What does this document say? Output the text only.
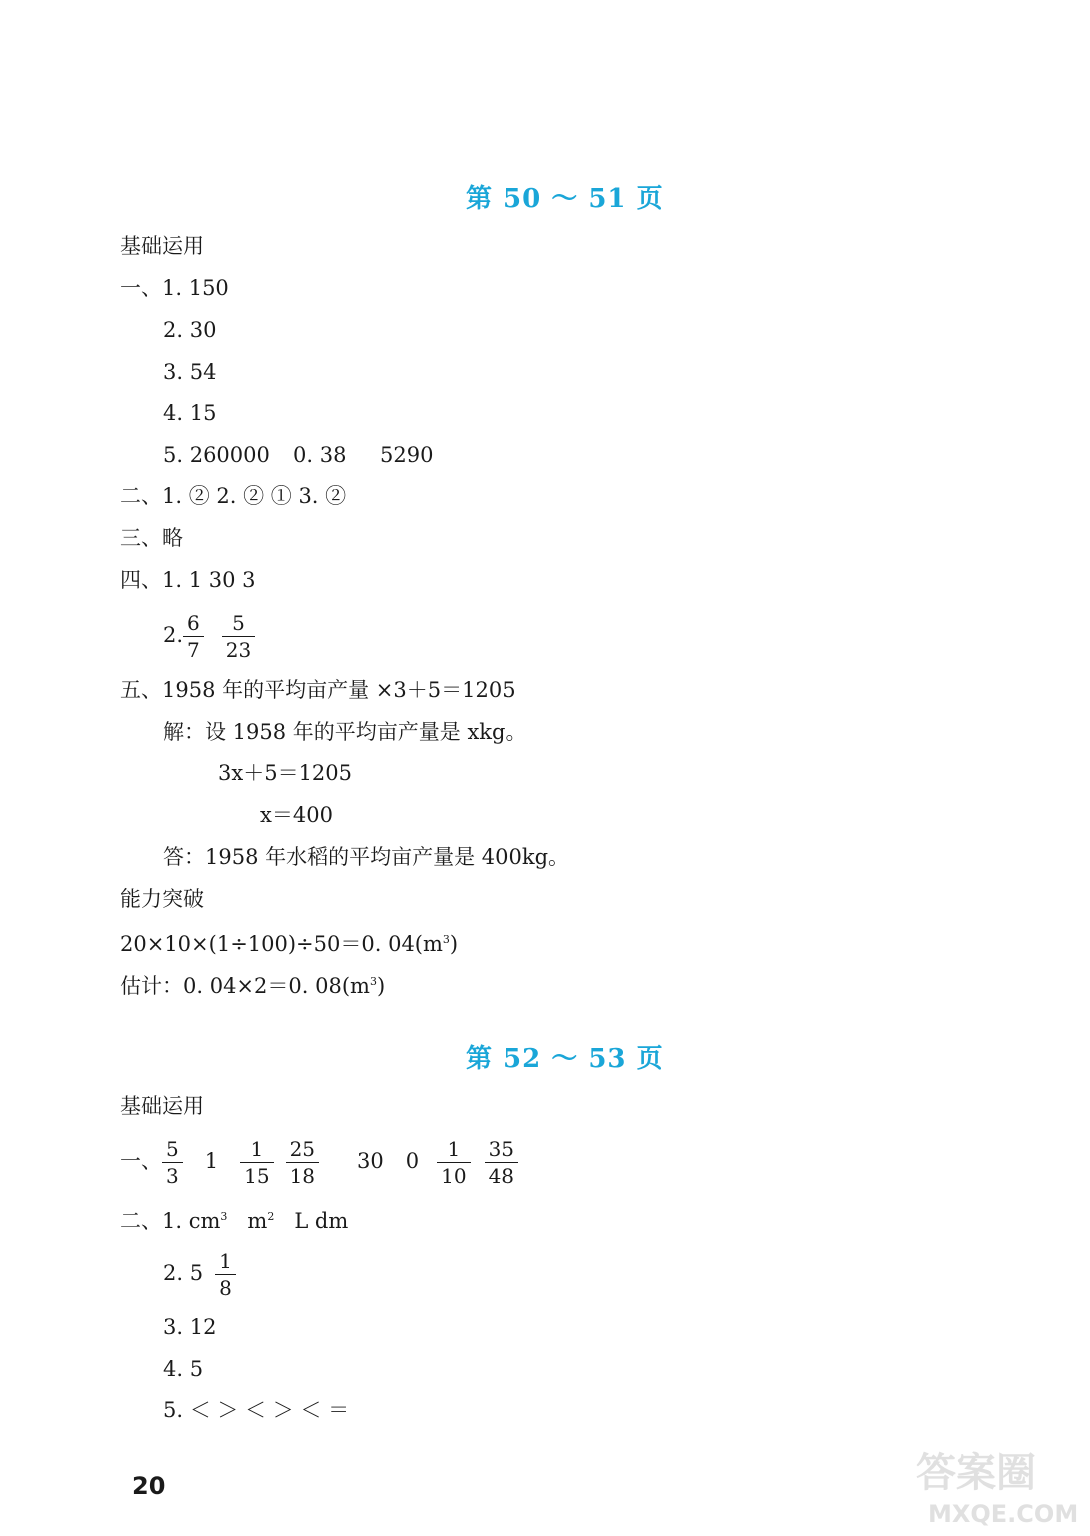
第 50 ～ 51 页
基础运用
一、1. 150
2. 30
3. 54
4. 15
5. 260000 0. 38 5290
二、1. ② 2. ② ① 3. ②
三、略
四、1. 1 30 3
2. $\frac{6}{7} \frac{5}{23}$
五、1958 年的平均亩产量 ×3＋5＝1205
解：设 1958 年的平均亩产量是 xkg。
3x＋5＝1205
x＝400
答：1958 年水稻的平均亩产量是 400kg。
能力突破
20×10×(1÷100)÷50＝0. $04(m^3)$
估计：0. 04×2＝0. $08(m^3)$
第 52 ～ 53 页
基础运用
一、 $\frac{5}{3} 1 \frac{1}{15} \frac{25}{18} 30$ $0 \frac{1}{10} \frac{35}{48}$
二、1. $cm^3$ $m^2$ L dm
2. $5 \frac{1}{8}$
3. 12
4. 5
5. ＜ ＞ ＜ ＞ ＜ ＝
20	答案圈
MXQE.COM
